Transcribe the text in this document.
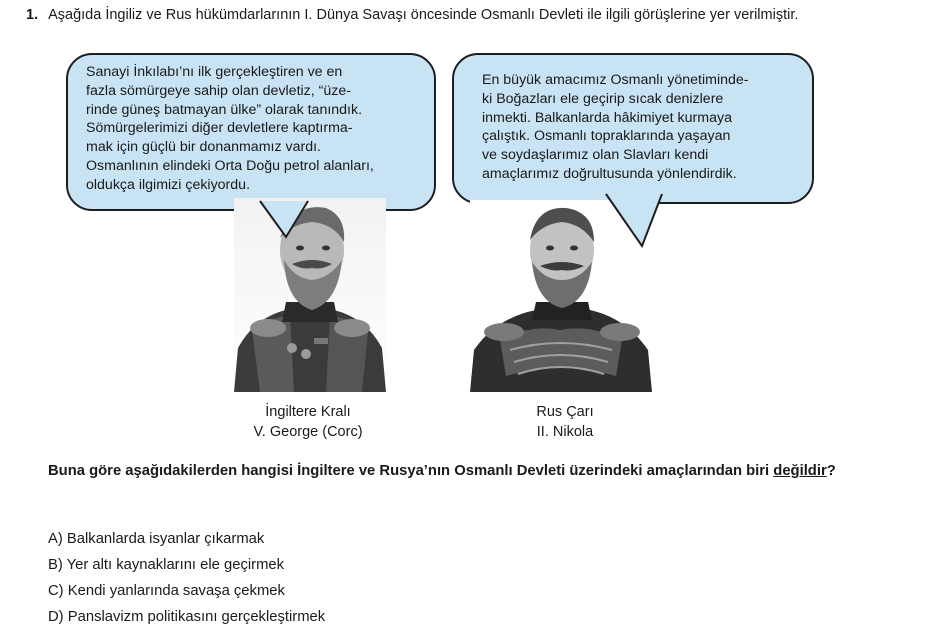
1. Aşağıda İngiliz ve Rus hükümdarlarının I. Dünya Savaşı öncesinde Osmanlı Devleti ile ilgili görüşlerine yer verilmiştir.
Sanayi İnkılabı’nı ilk gerçekleştiren ve en
fazla sömürgeye sahip olan devletiz, “üze-
rinde güneş batmayan ülke” olarak tanındık.
Sömürgelerimizi diğer devletlere kaptırma-
mak için güçlü bir donanmamız vardı.
Osmanlının elindeki Orta Doğu petrol alanları,
oldukça ilgimizi çekiyordu.
En büyük amacımız Osmanlı yönetiminde-
ki Boğazları ele geçirip sıcak denizlere
inmekti. Balkanlarda hâkimiyet kurmaya
çalıştık. Osmanlı topraklarında yaşayan
ve soydaşlarımız olan Slavları kendi
amaçlarımız doğrultusunda yönlendirdik.
İngiltere Kralı
V. George (Corc)
Rus Çarı
II. Nikola
Buna göre aşağıdakilerden hangisi İngiltere ve Rusya’nın Osmanlı Devleti üzerindeki amaçlarından biri değildir?
A) Balkanlarda isyanlar çıkarmak
B) Yer altı kaynaklarını ele geçirmek
C) Kendi yanlarında savaşa çekmek
D) Panslavizm politikasını gerçekleştirmek
